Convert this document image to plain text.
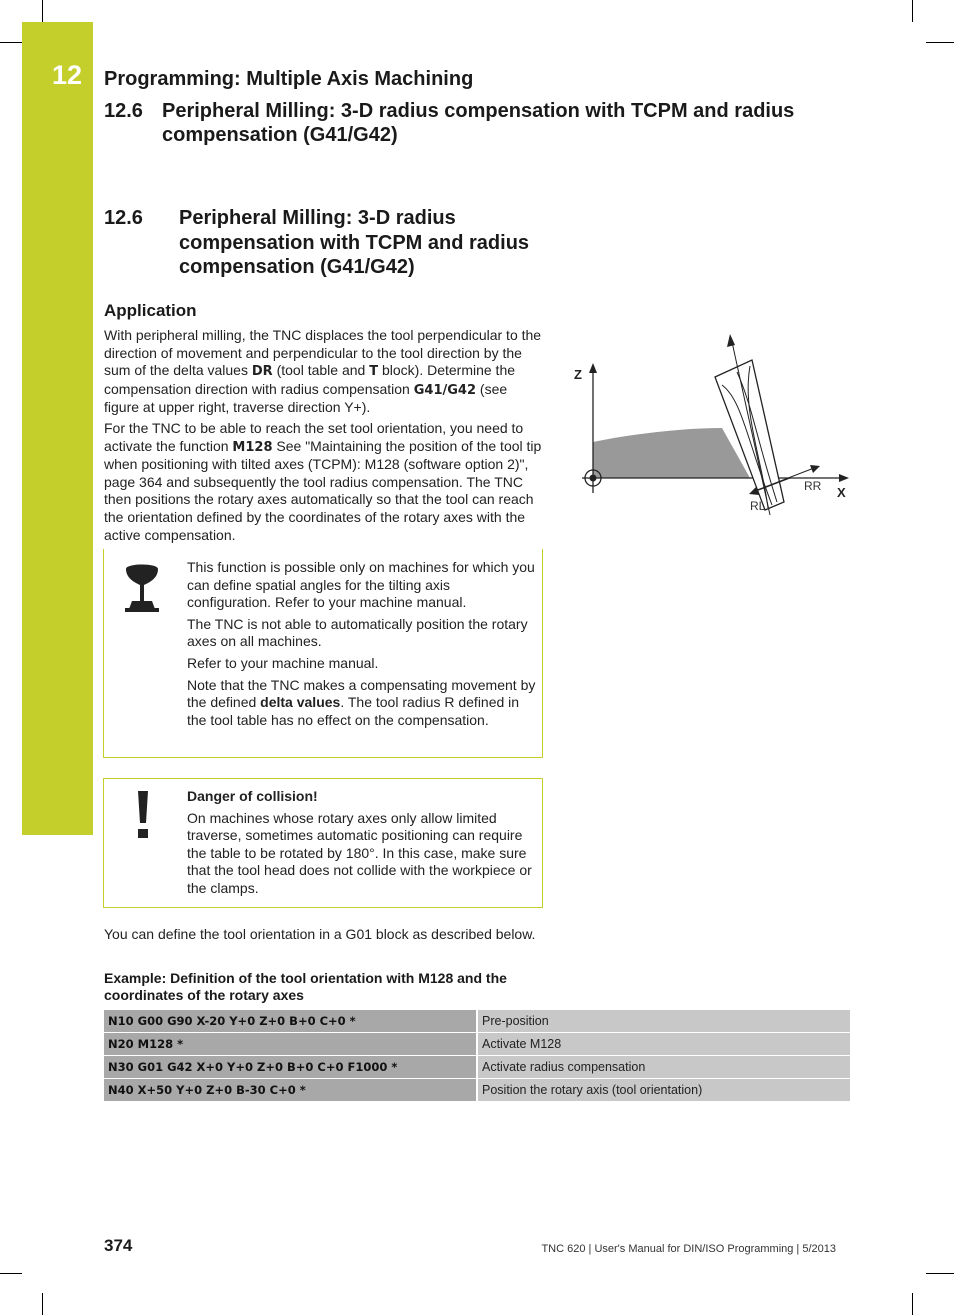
12 Programming: Multiple Axis Machining
12.6 Peripheral Milling: 3-D radius compensation with TCPM and radius compensation (G41/G42)
12.6 Peripheral Milling: 3-D radius compensation with TCPM and radius compensation (G41/G42)
Application
With peripheral milling, the TNC displaces the tool perpendicular to the direction of movement and perpendicular to the tool direction by the sum of the delta values DR (tool table and T block). Determine the compensation direction with radius compensation G41/G42 (see figure at upper right, traverse direction Y+).
For the TNC to be able to reach the set tool orientation, you need to activate the function M128 See "Maintaining the position of the tool tip when positioning with tilted axes (TCPM): M128 (software option 2)", page 364 and subsequently the tool radius compensation. The TNC then positions the rotary axes automatically so that the tool can reach the orientation defined by the coordinates of the rotary axes with the active compensation.
Z
X
RR
RL

This function is possible only on machines for which you can define spatial angles for the tilting axis configuration. Refer to your machine manual.

The TNC is not able to automatically position the rotary axes on all machines.

Refer to your machine manual.

Note that the TNC makes a compensating movement by the defined delta values. The tool radius R defined in the tool table has no effect on the compensation.

Danger of collision!

On machines whose rotary axes only allow limited traverse, sometimes automatic positioning can require the table to be rotated by 180°. In this case, make sure that the tool head does not collide with the workpiece or the clamps.

You can define the tool orientation in a G01 block as described below.
Example: Definition of the tool orientation with M128 and the coordinates of the rotary axes
N10 G00 G90 X-20 Y+0 Z+0 B+0 C+0 *	Pre-position
N20 M128 *	Activate M128
N30 G01 G42 X+0 Y+0 Z+0 B+0 C+0 F1000 *	Activate radius compensation
N40 X+50 Y+0 Z+0 B-30 C+0 *	Position the rotary axis (tool orientation)
374	TNC 620 | User's Manual for DIN/ISO Programming | 5/2013
